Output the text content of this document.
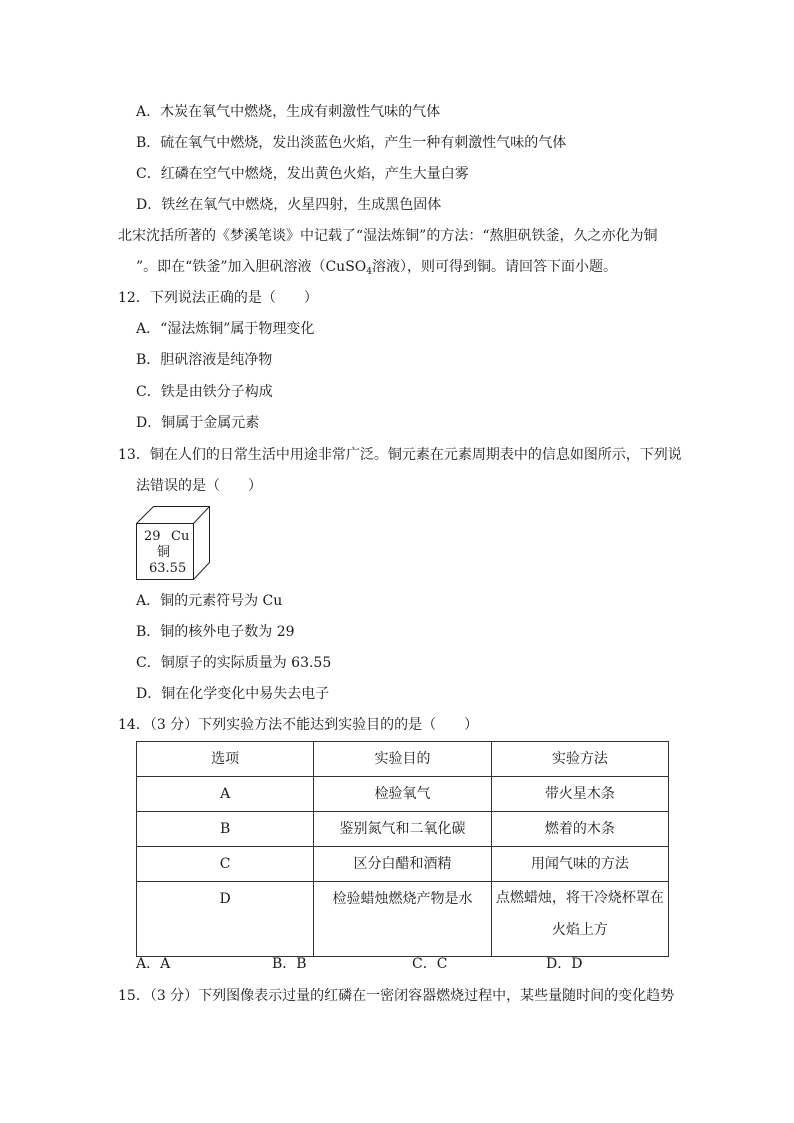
A．木炭在氧气中燃烧，生成有刺激性气味的气体
B．硫在氧气中燃烧，发出淡蓝色火焰，产生一种有刺激性气味的气体
C．红磷在空气中燃烧，发出黄色火焰，产生大量白雾
D．铁丝在氧气中燃烧，火星四射，生成黑色固体
北宋沈括所著的《梦溪笔谈》中记载了“湿法炼铜”的方法：“熬胆矾铁釜，久之亦化为铜
”。即在“铁釜”加入胆矾溶液（CuSO$_4$溶液），则可得到铜。请回答下面小题。
12．下列说法正确的是（　　）
A．“湿法炼铜”属于物理变化
B．胆矾溶液是纯净物
C．铁是由铁分子构成
D．铜属于金属元素
13．铜在人们的日常生活中用途非常广泛。铜元素在元素周期表中的信息如图所示，下列说
法错误的是（　　）
29 Cu
铜
63.55
A．铜的元素符号为 Cu
B．铜的核外电子数为 29
C．铜原子的实际质量为 63.55
D．铜在化学变化中易失去电子
14．（3 分）下列实验方法不能达到实验目的的是（　　）
选项	实验目的	实验方法
A	检验氧气	带火星木条
B	鉴别氮气和二氧化碳	燃着的木条
C	区分白醋和酒精	用闻气味的方法
D	检验蜡烛燃烧产物是水	点燃蜡烛，将干冷烧杯罩在
火焰上方
A．A	B．B	C．C	D．D
15．（3 分）下列图像表示过量的红磷在一密闭容器燃烧过程中，某些量随时间的变化趋势
